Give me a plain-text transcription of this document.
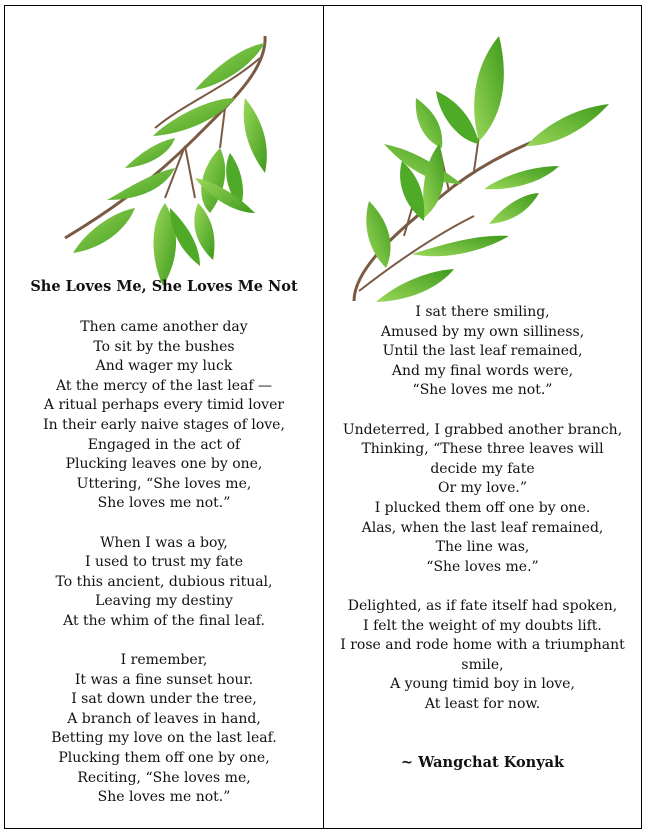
She Loves Me, She Loves Me Not
Then came another day
To sit by the bushes
And wager my luck
At the mercy of the last leaf —
A ritual perhaps every timid lover
In their early naive stages of love,
Engaged in the act of
Plucking leaves one by one,
Uttering, “She loves me,
She loves me not.”
When I was a boy,
I used to trust my fate
To this ancient, dubious ritual,
Leaving my destiny
At the whim of the final leaf.
I remember,
It was a fine sunset hour.
I sat down under the tree,
A branch of leaves in hand,
Betting my love on the last leaf.
Plucking them off one by one,
Reciting, “She loves me,
She loves me not.”
I sat there smiling,
Amused by my own silliness,
Until the last leaf remained,
And my final words were,
“She loves me not.”
Undeterred, I grabbed another branch,
Thinking, “These three leaves will decide my fate
Or my love.”
I plucked them off one by one.
Alas, when the last leaf remained,
The line was,
“She loves me.”
Delighted, as if fate itself had spoken,
I felt the weight of my doubts lift.
I rose and rode home with a triumphant smile,
A young timid boy in love,
At least for now.
~ Wangchat Konyak
